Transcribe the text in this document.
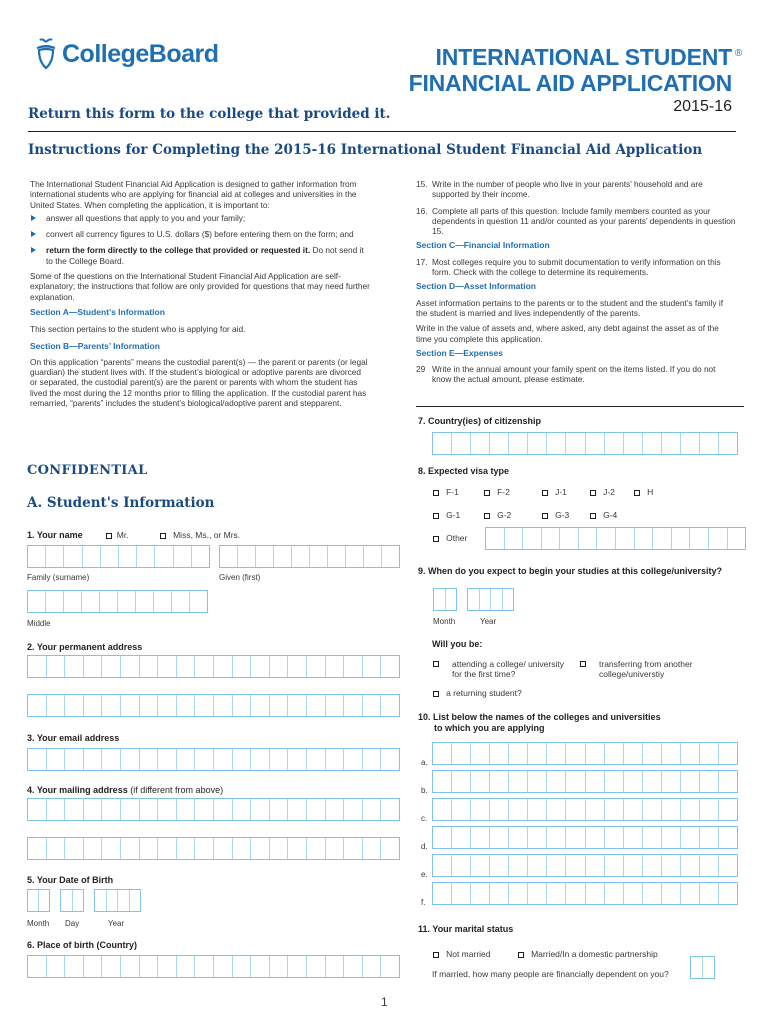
CollegeBoard	INTERNATIONAL STUDENT
FINANCIAL AID APPLICATION
®
2015-16
Return this form to the college that provided it.
Instructions for Completing the 2015-16 International Student Financial Aid Application
The International Student Financial Aid Application is designed to gather information from international students who are applying for financial aid at colleges and universities in the United States. When completing the application, it is important to:
answer all questions that apply to you and your family;
convert all currency figures to U.S. dollars ($) before entering them on the form; and
return the form directly to the college that provided or requested it. Do not send it to the College Board.
Some of the questions on the International Student Financial Aid Application are self-explanatory; the instructions that follow are only provided for questions that may need further explanation.
Section A—Student’s Information
This section pertains to the student who is applying for aid.
Section B—Parents’ Information
On this application “parents” means the custodial parent(s) — the parent or parents (or legal guardian) the student lives with. If the student’s biological or adoptive parents are divorced or separated, the custodial parent(s) are the parent or parents with whom the student has lived the most during the 12 months prior to filling the application. If the custodial parent has remarried, “parents” includes the student’s biological/adoptive parent and stepparent.
15. Write in the number of people who live in your parents’ household and are supported by their income.
16. Complete all parts of this question. Include family members counted as your dependents in question 11 and/or counted as your parents’ dependents in question 15.
Section C—Financial Information
17. Most colleges require you to submit documentation to verify information on this form. Check with the college to determine its requirements.
Section D—Asset Information
Asset information pertains to the parents or to the student and the student’s family if the student is married and lives independently of the parents.
Write in the value of assets and, where asked, any debt against the asset as of the time you complete this application.
Section E—Expenses
29 Write in the annual amount your family spent on the items listed. If you do not know the actual amount, please estimate.
CONFIDENTIAL
A. Student's Information
1. Your name	Mr.	Miss, Ms., or Mrs.
Family (surname)	Given (first)
Middle
2. Your permanent address
3. Your email address
4. Your mailing address (if different from above)
5. Your Date of Birth
Month Day	Year
6. Place of birth (Country)
7. Country(ies) of citizenship
8. Expected visa type
F-1	F-2	J-1	J-2	H
G-1	G-2	G-3	G-4
Other
9. When do you expect to begin your studies at this college/university?
Month	Year
Will you be:
attending a college/ university for the first time?
transferring from another college/universtiy
a returning student?
10. List below the names of the colleges and universities
to which you are applying
a.
b.
c.
d.
e.
f.
11. Your marital status
Not married	Married/In a domestic partnership
If married, how many people are financially dependent on you?
1
